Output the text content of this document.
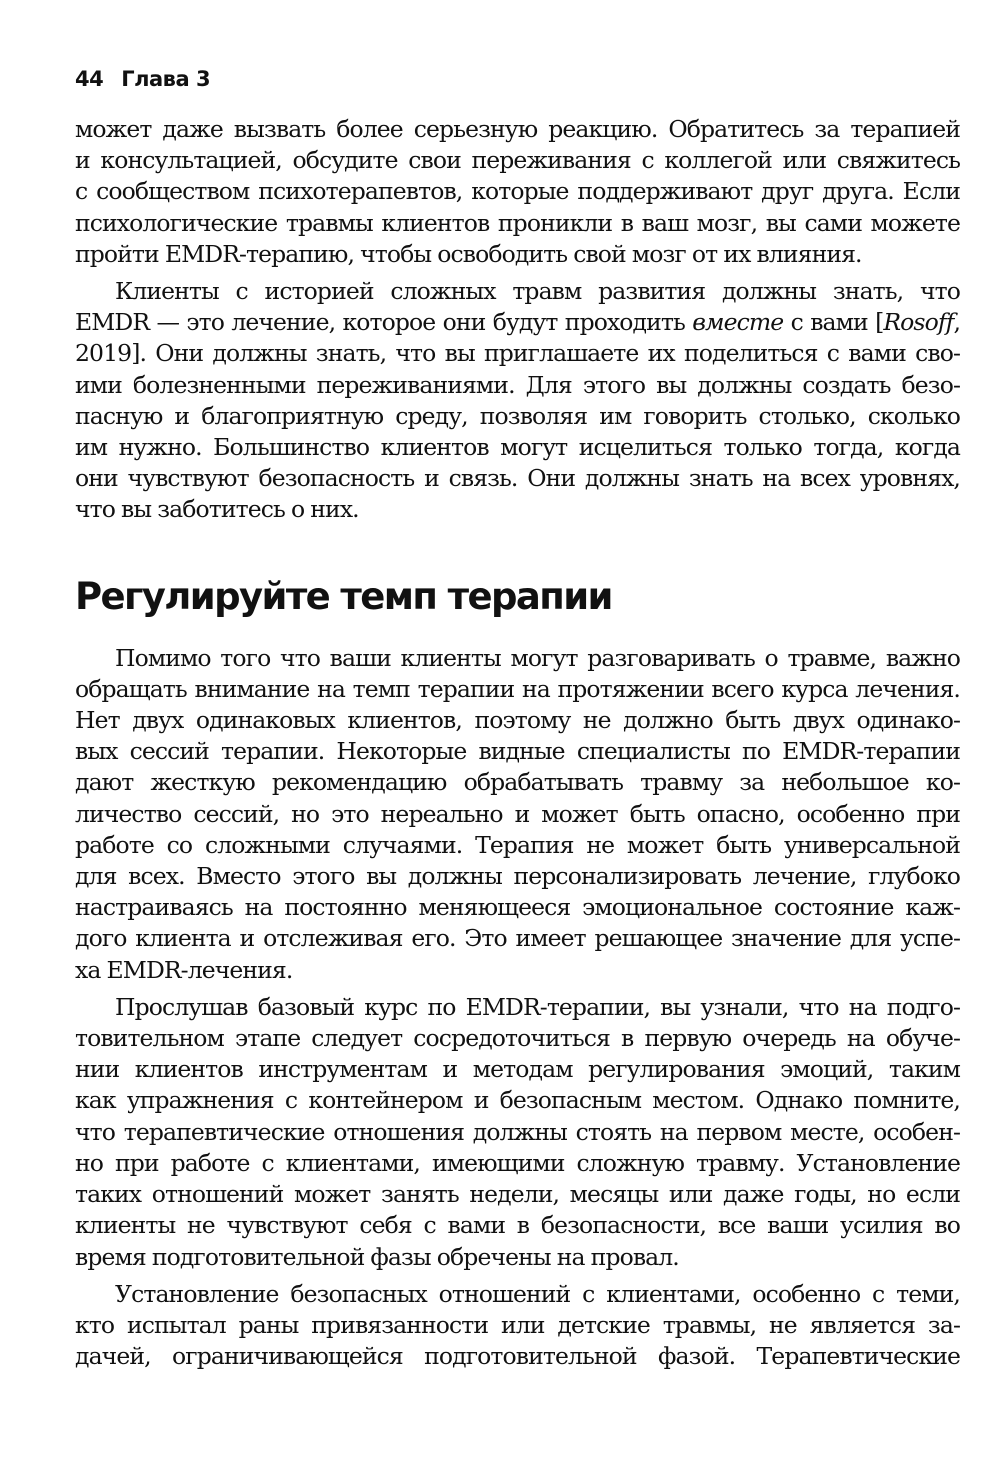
44 Глава 3

может даже вызвать более серьезную реакцию. Обратитесь за терапией
и консультацией, обсудите свои переживания с коллегой или свяжитесь
с сообществом психотерапевтов, которые поддерживают друг друга. Если
психологические травмы клиентов проникли в ваш мозг, вы сами можете
пройти EMDR-терапию, чтобы освободить свой мозг от их влияния.

Клиенты с историей сложных травм развития должны знать, что
EMDR — это лечение, которое они будут проходить вместе с вами [Rosoff,
2019]. Они должны знать, что вы приглашаете их поделиться с вами сво-
ими болезненными переживаниями. Для этого вы должны создать безо-
пасную и благоприятную среду, позволяя им говорить столько, сколько
им нужно. Большинство клиентов могут исцелиться только тогда, когда
они чувствуют безопасность и связь. Они должны знать на всех уровнях,
что вы заботитесь о них.

Регулируйте темп терапии

Помимо того что ваши клиенты могут разговаривать о травме, важно
обращать внимание на темп терапии на протяжении всего курса лечения.
Нет двух одинаковых клиентов, поэтому не должно быть двух одинако-
вых сессий терапии. Некоторые видные специалисты по EMDR-терапии
дают жесткую рекомендацию обрабатывать травму за небольшое ко-
личество сессий, но это нереально и может быть опасно, особенно при
работе со сложными случаями. Терапия не может быть универсальной
для всех. Вместо этого вы должны персонализировать лечение, глубоко
настраиваясь на постоянно меняющееся эмоциональное состояние каж-
дого клиента и отслеживая его. Это имеет решающее значение для успе-
ха EMDR-лечения.

Прослушав базовый курс по EMDR-терапии, вы узнали, что на подго-
товительном этапе следует сосредоточиться в первую очередь на обуче-
нии клиентов инструментам и методам регулирования эмоций, таким
как упражнения с контейнером и безопасным местом. Однако помните,
что терапевтические отношения должны стоять на первом месте, особен-
но при работе с клиентами, имеющими сложную травму. Установление
таких отношений может занять недели, месяцы или даже годы, но если
клиенты не чувствуют себя с вами в безопасности, все ваши усилия во
время подготовительной фазы обречены на провал.

Установление безопасных отношений с клиентами, особенно с теми,
кто испытал раны привязанности или детские травмы, не является за-
дачей, ограничивающейся подготовительной фазой. Терапевтические
